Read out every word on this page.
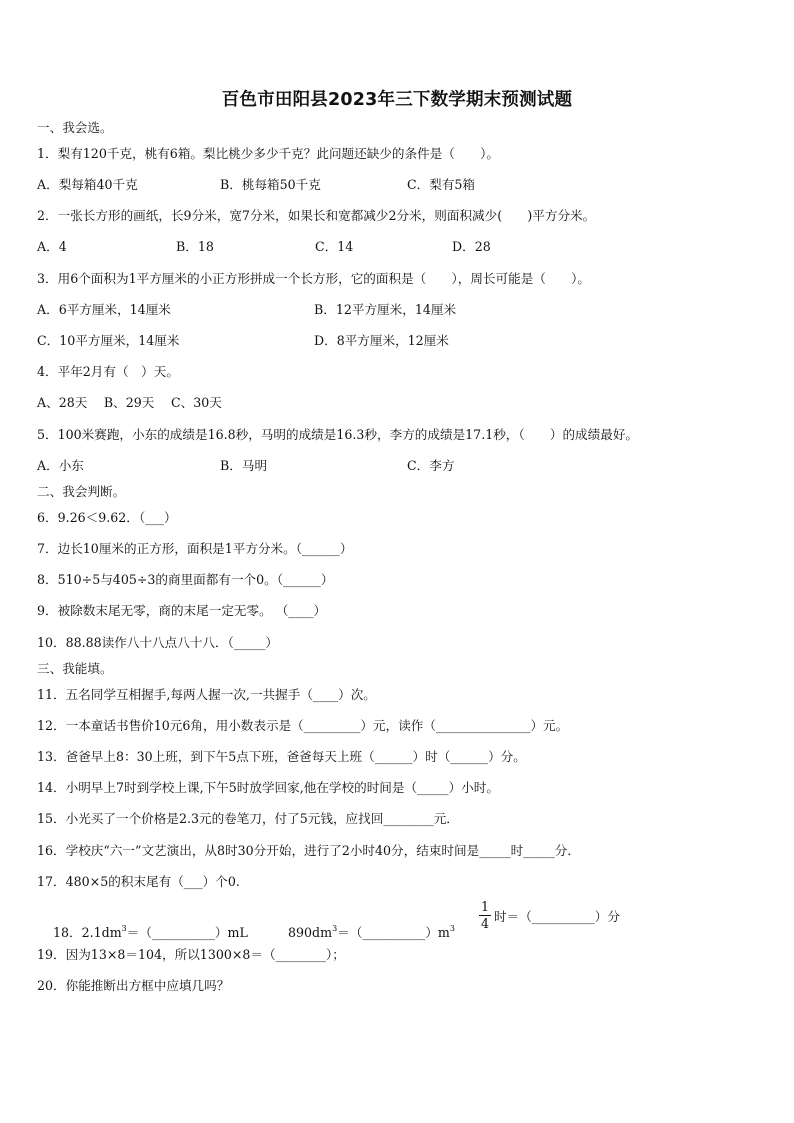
百色市田阳县2023年三下数学期末预测试题
一、我会选。
1．梨有120千克，桃有6箱。梨比桃少多少千克？此问题还缺少的条件是（　　）。
A．梨每箱40千克	B．桃每箱50千克	C．梨有5箱
2．一张长方形的画纸，长9分米，宽7分米，如果长和宽都减少2分米，则面积减少(　　)平方分米。
A．4	B．18	C．14	D．28
3．用6个面积为1平方厘米的小正方形拼成一个长方形，它的面积是（　　），周长可能是（　　）。
A．6平方厘米，14厘米	B．12平方厘米，14厘米
C．10平方厘米，14厘米	D．8平方厘米，12厘米
4．平年2月有（　）天。
A、28天　 B、29天　 C、30天
5．100米赛跑，小东的成绩是16.8秒，马明的成绩是16.3秒，李方的成绩是17.1秒，（　　）的成绩最好。
A．小东	B．马明	C．李方
二、我会判断。
6．9.26＜9.62．（___）
7．边长10厘米的正方形，面积是1平方分米。（______）
8．510÷5与405÷3的商里面都有一个0。（______）
9．被除数末尾无零，商的末尾一定无零。 （____）
10．88.88读作八十八点八十八．（_____）
三、我能填。
11．五名同学互相握手,每两人握一次,一共握手（____）次。
12．一本童话书售价10元6角，用小数表示是（_________）元，读作（_______________）元。
13．爸爸早上8：30上班，到下午5点下班，爸爸每天上班（______）时（______）分。
14．小明早上7时到学校上课,下午5时放学回家,他在学校的时间是（_____）小时。
15．小光买了一个价格是2.3元的卷笔刀，付了5元钱，应找回________元．
16．学校庆“六一”文艺演出，从8时30分开始，进行了2小时40分，结束时间是_____时_____分．
17．480×5的积末尾有（___）个0.

18．$2.1dm^3=(\_\_\_\_\_\_\_\_\_\_)mL$
	$890dm^3=(\_\_\_\_\_\_\_\_\_\_)m^3$

1
4 时＝（__________）分
19．因为13×8＝104，所以1300×8＝（________）；
20．你能推断出方框中应填几吗？
